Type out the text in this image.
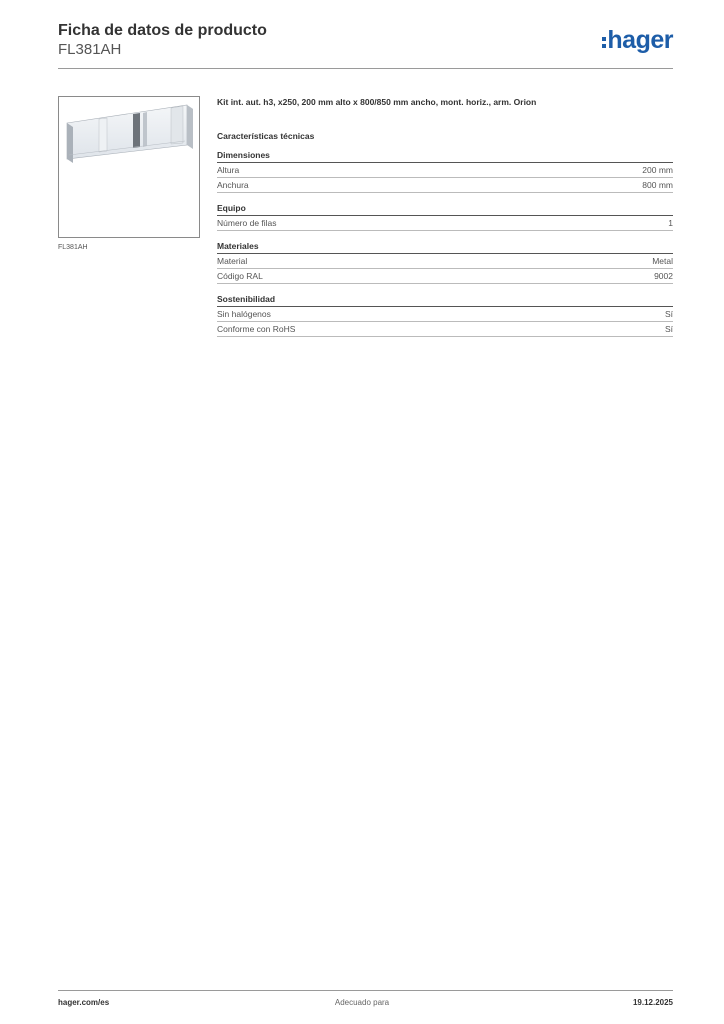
Ficha de datos de producto
FL381AH	hager
FL381AH
Kit int. aut. h3, x250, 200 mm alto x 800/850 mm ancho, mont. horiz., arm. Orion
Características técnicas
Dimensiones
Altura	200 mm
Anchura	800 mm
Equipo
Número de filas	1
Materiales
Material	Metal
Código RAL	9002
Sostenibilidad
Sin halógenos	Sí
Conforme con RoHS	Sí
hager.com/es	Adecuado para	19.12.2025
